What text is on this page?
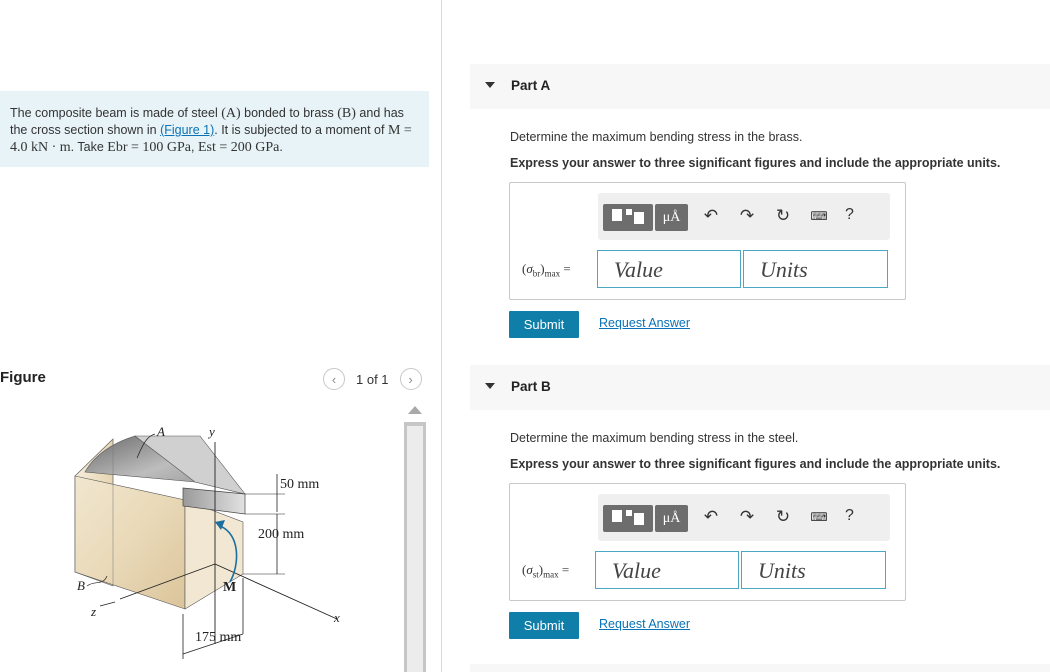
The composite beam is made of steel (A) bonded to brass (B) and has the cross section shown in (Figure 1). It is subjected to a moment of M = 4.0 kN · m. Take Ebr = 100 GPa, Est = 200 GPa.
Figure	‹ 1 of 1 ›
A
B
y
z	x
M
50 mm
200 mm
175 mm
Part A
Determine the maximum bending stress in the brass.
Express your answer to three significant figures and include the appropriate units.
μÅ	↶ ↷ ↻ ⌨ ?
$(\sigma_{br})_{max}$ =	Value	Units
Submit	Request Answer
Part B
Determine the maximum bending stress in the steel.
Express your answer to three significant figures and include the appropriate units.
μÅ	↶ ↷ ↻ ⌨ ?
$(\sigma_{st})_{max}$ =	Value	Units
Submit	Request Answer
